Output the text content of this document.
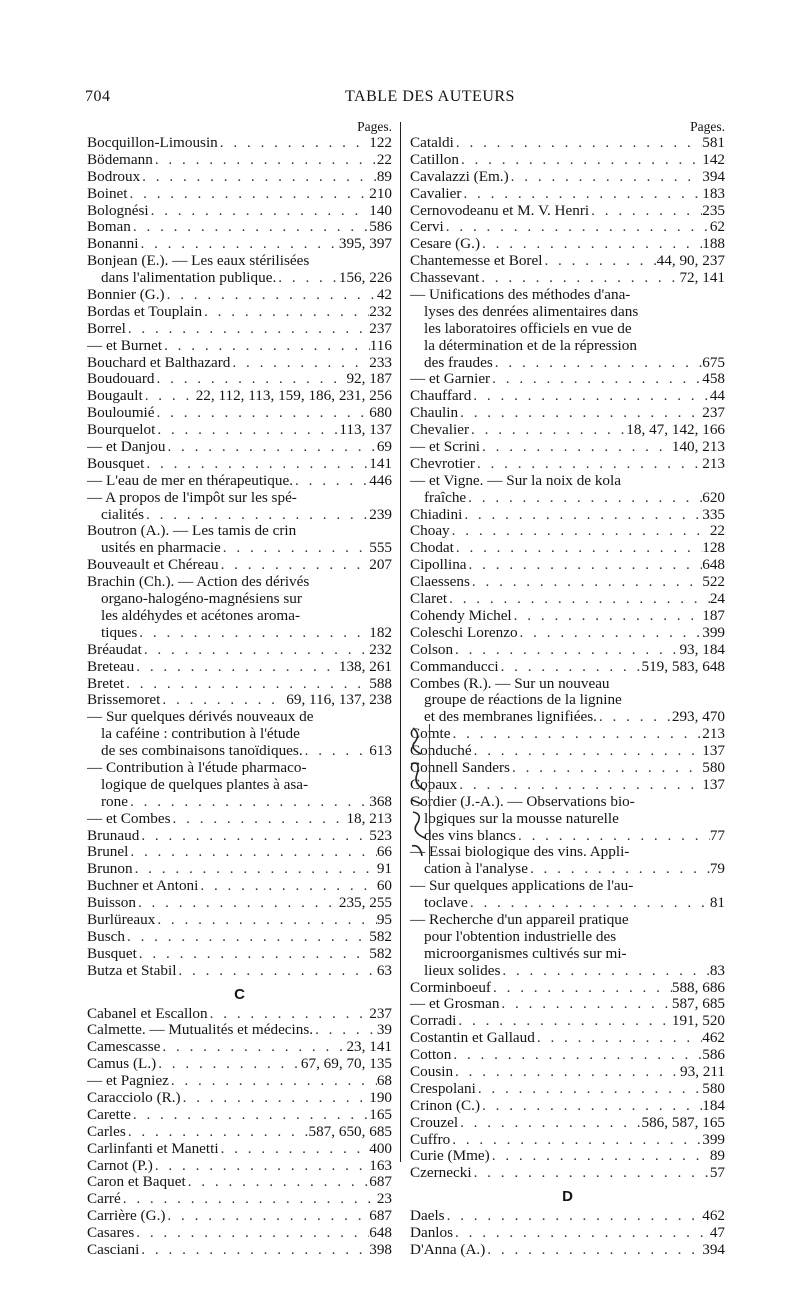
704	TABLE DES AUTEURS
Pages.
Bocquillon-Limousin . . .	122
Bödemann . . .	22
Bodroux . . .	89
Boinet . . .	210
Bolognési . . .	140
Boman . . .	586
Bonanni . . .	395, 397
Bonjean (E.). — Les eaux stérilisées
dans l'alimentation publique. . . .	156, 226
Bonnier (G.) . . .	42
Bordas et Touplain . . .	232
Borrel . . .	237
— et Burnet . . .	116
Bouchard et Balthazard . . .	233
Boudouard . . .	92, 187
Bougault . . .	22, 112, 113, 159, 186, 231, 256
Bouloumié . . .	680
Bourquelot . . .	113, 137
— et Danjou . . .	69
Bousquet . . .	141
— L'eau de mer en thérapeutique. . . .	446
— A propos de l'impôt sur les spé-
cialités . . .	239
Boutron (A.). — Les tamis de crin
usités en pharmacie . . .	555
Bouveault et Chéreau . . .	207
Brachin (Ch.). — Action des dérivés
organo-halogéno-magnésiens sur
les aldéhydes et acétones aroma-
tiques . . .	182
Bréaudat . . .	232
Breteau . . .	138, 261
Bretet . . .	588
Brissemoret . . .	69, 116, 137, 238
— Sur quelques dérivés nouveaux de
la caféine : contribution à l'étude
de ses combinaisons tanoïdiques. . . .	613
— Contribution à l'étude pharmaco-
logique de quelques plantes à asa-
rone . . .	368
— et Combes . . .	18, 213
Brunaud . . .	523
Brunel . . .	66
Brunon . . .	91
Buchner et Antoni . . .	60
Buisson . . .	235, 255
Burlüreaux . . .	95
Busch . . .	582
Busquet . . .	582
Butza et Stabil . . .	63
C
Cabanel et Escallon . . .	237
Calmette. — Mutualités et médecins. . . .	39
Camescasse . . .	23, 141
Camus (L.) . . .	67, 69, 70, 135
— et Pagniez . . .	68
Caracciolo (R.) . . .	190
Carette . . .	165
Carles . . .	587, 650, 685
Carlinfanti et Manetti . . .	400
Carnot (P.) . . .	163
Caron et Baquet . . .	687
Carré . . .	23
Carrière (G.) . . .	687
Casares . . .	648
Casciani . . .	398
Pages.
Cataldi . . .	581
Catillon . . .	142
Cavalazzi (Em.) . . .	394
Cavalier . . .	183
Cernovodeanu et M. V. Henri . . .	235
Cervi . . .	62
Cesare (G.) . . .	188
Chantemesse et Borel . . .	44, 90, 237
Chassevant . . .	72, 141
— Unifications des méthodes d'ana-
lyses des denrées alimentaires dans
les laboratoires officiels en vue de
la détermination et de la répression
des fraudes . . .	675
— et Garnier . . .	458
Chauffard . . .	44
Chaulin . . .	237
Chevalier . . .	18, 47, 142, 166
— et Scrini . . .	140, 213
Chevrotier . . .	213
— et Vigne. — Sur la noix de kola
fraîche . . .	620
Chiadini . . .	335
Choay . . .	22
Chodat . . .	128
Cipollina . . .	648
Claessens . . .	522
Claret . . .	24
Cohendy Michel . . .	187
Coleschi Lorenzo . . .	399
Colson . . .	93, 184
Commanducci . . .	519, 583, 648
Combes (R.). — Sur un nouveau
groupe de réactions de la lignine
et des membranes lignifiées. . . .	293, 470
Comte . . .	213
Conduché . . .	137
Connell Sanders . . .	580
Copaux . . .	137
Cordier (J.-A.). — Observations bio-
logiques sur la mousse naturelle
des vins blancs . . .	77
— Essai biologique des vins. Appli-
cation à l'analyse . . .	79
— Sur quelques applications de l'au-
toclave . . .	81
— Recherche d'un appareil pratique
pour l'obtention industrielle des
microorganismes cultivés sur mi-
lieux solides . . .	83
Corminboeuf . . .	588, 686
— et Grosman . . .	587, 685
Corradi . . .	191, 520
Costantin et Gallaud . . .	462
Cotton . . .	586
Cousin . . .	93, 211
Crespolani . . .	580
Crinon (C.) . . .	184
Crouzel . . .	586, 587, 165
Cuffro . . .	399
Curie (Mme) . . .	89
Czernecki . . .	57
D
Daels . . .	462
Danlos . . .	47
D'Anna (A.) . . .	394
